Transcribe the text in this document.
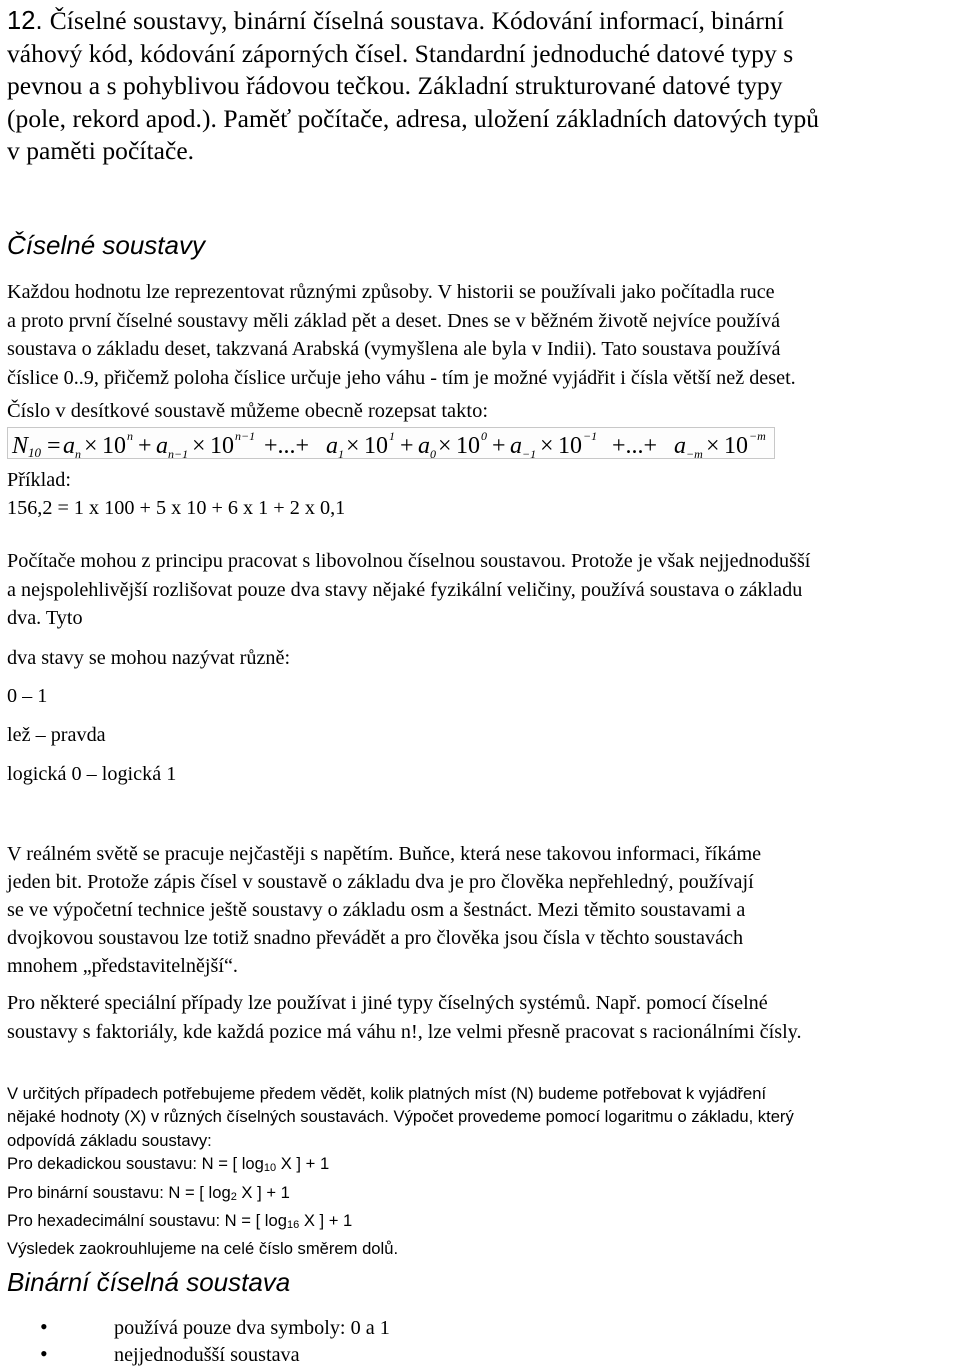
12. Číselné soustavy, binární číselná soustava. Kódování informací, binární
váhový kód, kódování záporných čísel. Standardní jednoduché datové typy s
pevnou a s pohyblivou řádovou tečkou. Základní strukturované datové typy
(pole, rekord apod.). Paměť počítače, adresa, uložení základních datových typů
v paměti počítače.
Číselné soustavy
Každou hodnotu lze reprezentovat různými způsoby. V historii se používali jako počítadla ruce
a proto první číselné soustavy měli základ pět a deset. Dnes se v běžném životě nejvíce používá
soustava o základu deset, takzvaná Arabská (vymyšlena ale byla v Indii). Tato soustava používá
číslice 0..9, přičemž poloha číslice určuje jeho váhu - tím je možné vyjádřit i čísla větší než deset.
Číslo v desítkové soustavě můžeme obecně rozepsat takto:
N 10 = a n × 10 n + a n−1 × 10 n−1 +...+ a 1 × 10 1 + a 0 × 10 0 + a −1 × 10 −1 +...+ a −m × 10 −m
Příklad:
156,2 = 1 x 100 + 5 x 10 + 6 x 1 + 2 x 0,1
Počítače mohou z principu pracovat s libovolnou číselnou soustavou. Protože je však nejjednodušší
a nejspolehlivější rozlišovat pouze dva stavy nějaké fyzikální veličiny, používá soustava o základu
dva. Tyto
dva stavy se mohou nazývat různě:
0 – 1
lež – pravda
logická 0 – logická 1
V reálném světě se pracuje nejčastěji s napětím. Buňce, která nese takovou informaci, říkáme
jeden bit. Protože zápis čísel v soustavě o základu dva je pro člověka nepřehledný, používají
se ve výpočetní technice ještě soustavy o základu osm a šestnáct. Mezi těmito soustavami a
dvojkovou soustavou lze totiž snadno převádět a pro člověka jsou čísla v těchto soustavách
mnohem „představitelnější“.
Pro některé speciální případy lze používat i jiné typy číselných systémů. Např. pomocí číselné
soustavy s faktoriály, kde každá pozice má váhu n!, lze velmi přesně pracovat s racionálními čísly.
V určitých případech potřebujeme předem vědět, kolik platných míst (N) budeme potřebovat k vyjádření
nějaké hodnoty (X) v různých číselných soustavách. Výpočet provedeme pomocí logaritmu o základu, který
odpovídá základu soustavy:
Pro dekadickou soustavu: N = [ $\log_{10} X$ ] + 1
Pro binární soustavu: N = [ $\log_2 X$ ] + 1
Pro hexadecimální soustavu: N = [ $\log_{16} X$ ] + 1
Výsledek zaokrouhlujeme na celé číslo směrem dolů.
Binární číselná soustava
•	používá pouze dva symboly: 0 a 1
•	nejjednodušší soustava
